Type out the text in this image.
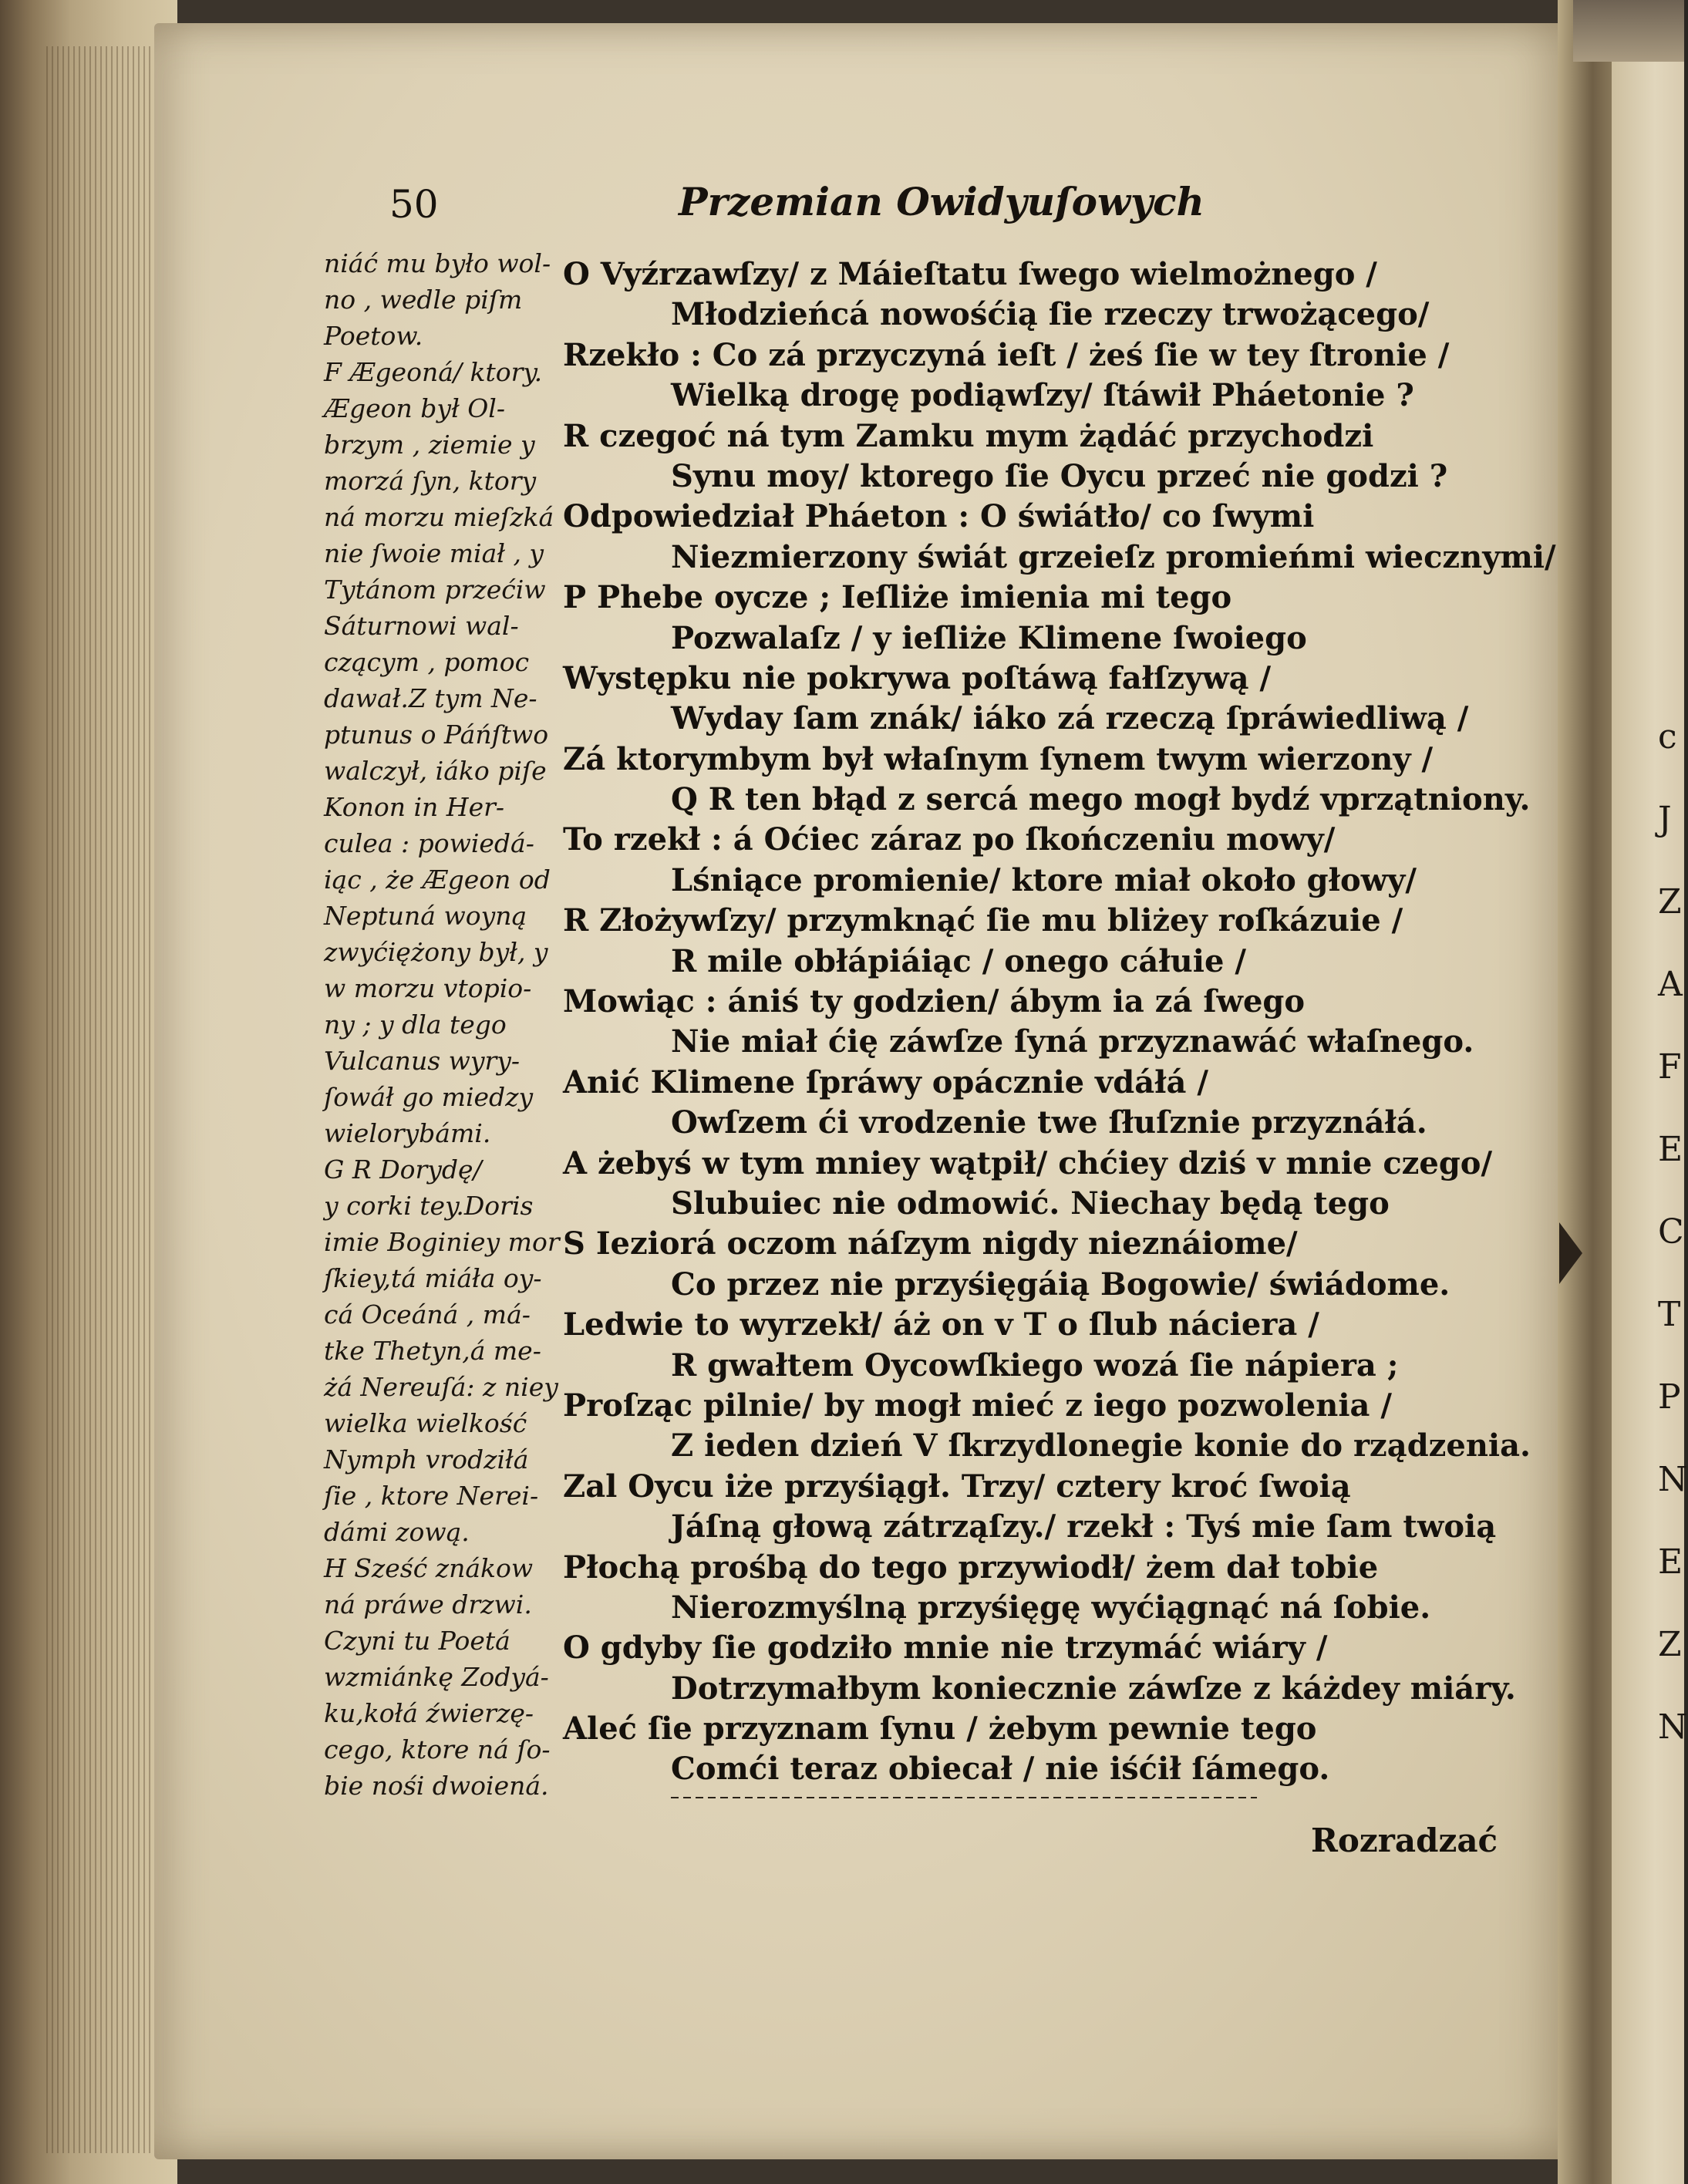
50	Przemian Owidyuſowych
niáć mu było wol-
no , wedle piſm
Poetow.
F Ægeoná/ ktory.
Ægeon był Ol-
brzym , ziemie y
morzá ſyn, ktory
ná morzu mieſzká
nie ſwoie miał , y
Tytánom przećiw
Sáturnowi wal-
czącym , pomoc
dawał.Z tym Ne-
ptunus o Páńſtwo
walczył, iáko piſe
Konon in Her-
culea : powiedá-
iąc , że Ægeon od
Neptuná woyną
zwyćiężony był, y
w morzu vtopio-
ny ; y dla tego
Vulcanus wyry-
ſowáł go miedzy
wielorybámi.
G R Dorydę/
y corki tey.Doris
imie Boginiey mor
ſkiey,tá miáła oy-
cá Oceáná , má-
tke Thetyn,á me-
żá Nereuſá: z niey
wielka wielkość
Nymph vrodziłá
ſie , ktore Nerei-
dámi zową.
H Sześć znákow
ná práwe drzwi.
Czyni tu Poetá
wzmiánkę Zodyá-
ku,kołá źwierzę-
cego, ktore ná ſo-
bie nośi dwoiená.
O Vyźrzawſzy/ z Máieſtatu ſwego wielmożnego /
Młodzieńcá nowośćią ſie rzeczy trwożącego/
Rzekło : Co zá przyczyná ieſt / żeś ſie w tey ſtronie /
Wielką drogę podiąwſzy/ ſtáwił Pháetonie ?
R czegoć ná tym Zamku mym żądáć przychodzi
Synu moy/ ktorego ſie Oycu przeć nie godzi ?
Odpowiedział Pháeton : O świátło/ co ſwymi
Niezmierzony świát grzeieſz promieńmi wiecznymi/
P Phebe oycze ; Ieſliże imienia mi tego
Pozwalaſz / y ieſliże Klimene ſwoiego
Występku nie pokrywa poſtáwą fałſzywą /
Wyday ſam znák/ iáko zá rzeczą ſpráwiedliwą /
Zá ktorymbym był właſnym ſynem twym wierzony /
Q R ten błąd z sercá mego mogł bydź vprzątniony.
To rzekł : á Oćiec záraz po ſkończeniu mowy/
Lśniące promienie/ ktore miał około głowy/
R Złożywſzy/ przymknąć ſie mu bliżey roſkázuie /
R mile obłápiáiąc / onego cáłuie /
Mowiąc : ániś ty godzien/ ábym ia zá ſwego
Nie miał ćię záwſze ſyná przyznawáć właſnego.
Anić Klimene ſpráwy opácznie vdáłá /
Owſzem ći vrodzenie twe ſłuſznie przyznáłá.
A żebyś w tym mniey wątpił/ chćiey dziś v mnie czego/
Slubuiec nie odmowić. Niechay będą tego
S Ieziorá oczom náſzym nigdy nieznáiome/
Co przez nie przyśięgáią Bogowie/ świádome.
Ledwie to wyrzekł/ áż on v T o ſlub náciera /
R gwałtem Oycowſkiego wozá ſie nápiera ;
Proſząc pilnie/ by mogł mieć z iego pozwolenia /
Z ieden dzień V ſkrzydlonegie konie do rządzenia.
Zal Oycu iże przyśiągł. Trzy/ cztery kroć ſwoią
Jáſną głową zátrząſzy./ rzekł : Tyś mie ſam twoią
Płochą prośbą do tego przywiodł/ żem dał tobie
Nierozmyślną przyśięgę wyćiągnąć ná ſobie.
O gdyby ſie godziło mnie nie trzymáć wiáry /
Dotrzymałbym koniecznie záwſze z káżdey miáry.
Aleć ſie przyznam ſynu / żebym pewnie tego
Comći teraz obiecał / nie iśćił ſámego.
Rozradzać
c
J
Z
A
F
E
C
T
P
N
E
Z
N
